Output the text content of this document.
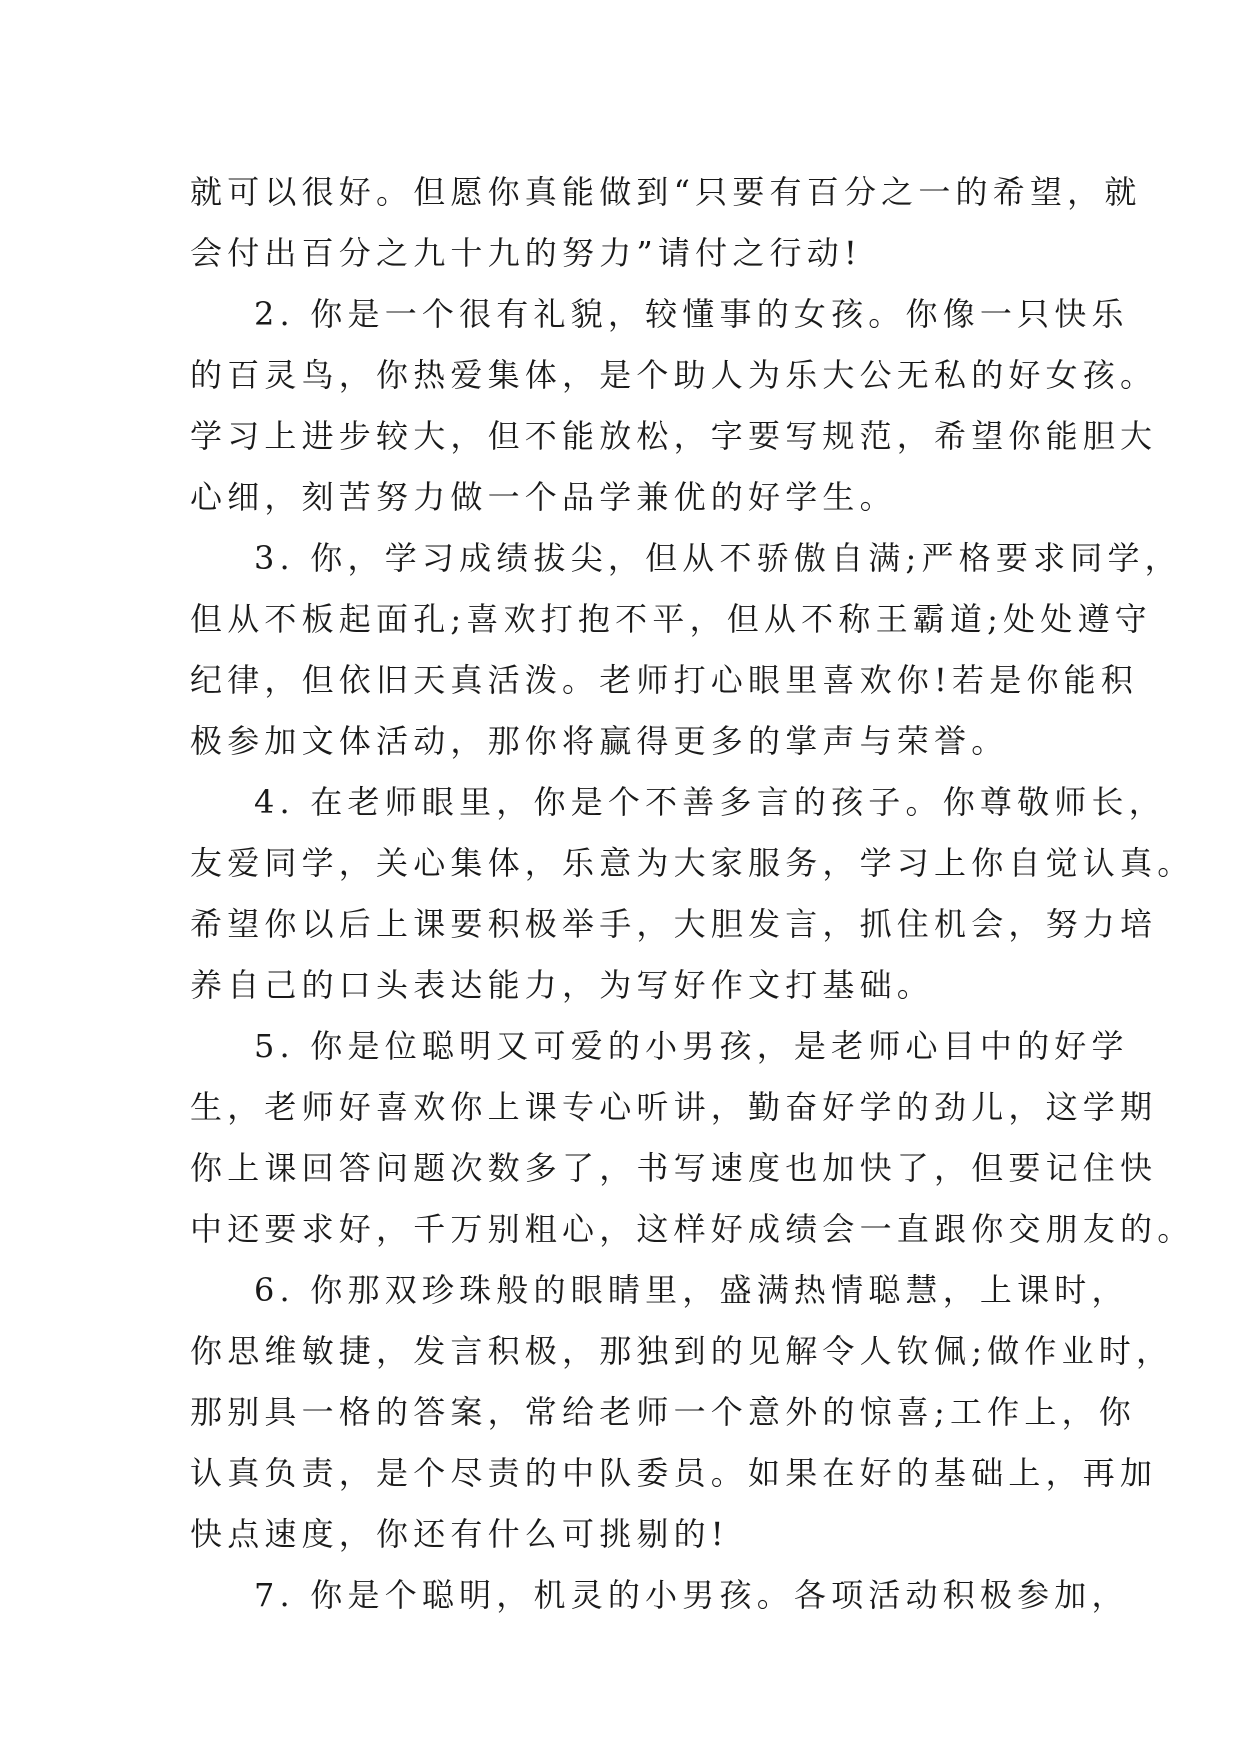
就可以很好。但愿你真能做到“只要有百分之一的希望，就
会付出百分之九十九的努力”请付之行动!
2. 你是一个很有礼貌，较懂事的女孩。你像一只快乐
的百灵鸟，你热爱集体，是个助人为乐大公无私的好女孩。
学习上进步较大，但不能放松，字要写规范，希望你能胆大
心细，刻苦努力做一个品学兼优的好学生。
3. 你，学习成绩拔尖，但从不骄傲自满;严格要求同学，
但从不板起面孔;喜欢打抱不平，但从不称王霸道;处处遵守
纪律，但依旧天真活泼。老师打心眼里喜欢你!若是你能积
极参加文体活动，那你将赢得更多的掌声与荣誉。
4. 在老师眼里，你是个不善多言的孩子。你尊敬师长，
友爱同学，关心集体，乐意为大家服务，学习上你自觉认真。
希望你以后上课要积极举手，大胆发言，抓住机会，努力培
养自己的口头表达能力，为写好作文打基础。
5. 你是位聪明又可爱的小男孩，是老师心目中的好学
生，老师好喜欢你上课专心听讲，勤奋好学的劲儿，这学期
你上课回答问题次数多了，书写速度也加快了，但要记住快
中还要求好，千万别粗心，这样好成绩会一直跟你交朋友的。
6. 你那双珍珠般的眼睛里，盛满热情聪慧，上课时，
你思维敏捷，发言积极，那独到的见解令人钦佩;做作业时，
那别具一格的答案，常给老师一个意外的惊喜;工作上，你
认真负责，是个尽责的中队委员。如果在好的基础上，再加
快点速度，你还有什么可挑剔的!
7. 你是个聪明，机灵的小男孩。各项活动积极参加，
